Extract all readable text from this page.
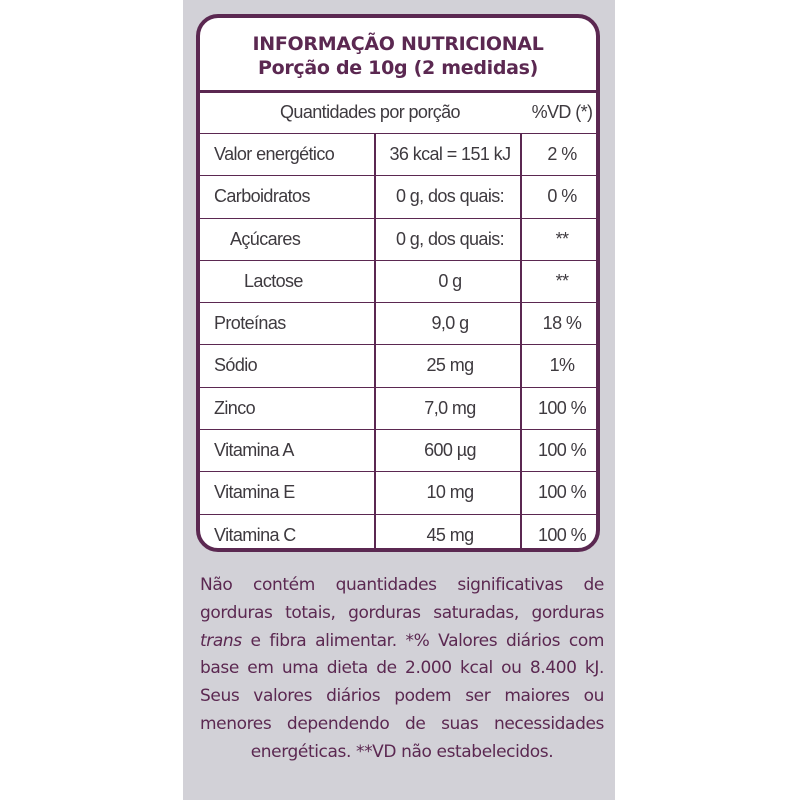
INFORMAÇÃO NUTRICIONAL
Porção de 10g (2 medidas)
Quantidades por porção	%VD (*)
Valor energético	36 kcal = 151 kJ	2 %
Carboidratos	0 g, dos quais:	0 %
Açúcares	0 g, dos quais:	**
Lactose	0 g	**
Proteínas	9,0 g	18 %
Sódio	25 mg	1%
Zinco	7,0 mg	100 %
Vitamina A	600 µg	100 %
Vitamina E	10 mg	100 %
Vitamina C	45 mg	100 %
Não contém quantidades significativas de gorduras totais, gorduras saturadas, gorduras trans e fibra alimentar. *% Valores diários com base em uma dieta de 2.000 kcal ou 8.400 kJ. Seus valores diários podem ser maiores ou menores dependendo de suas necessidades energéticas. **VD não estabelecidos.
